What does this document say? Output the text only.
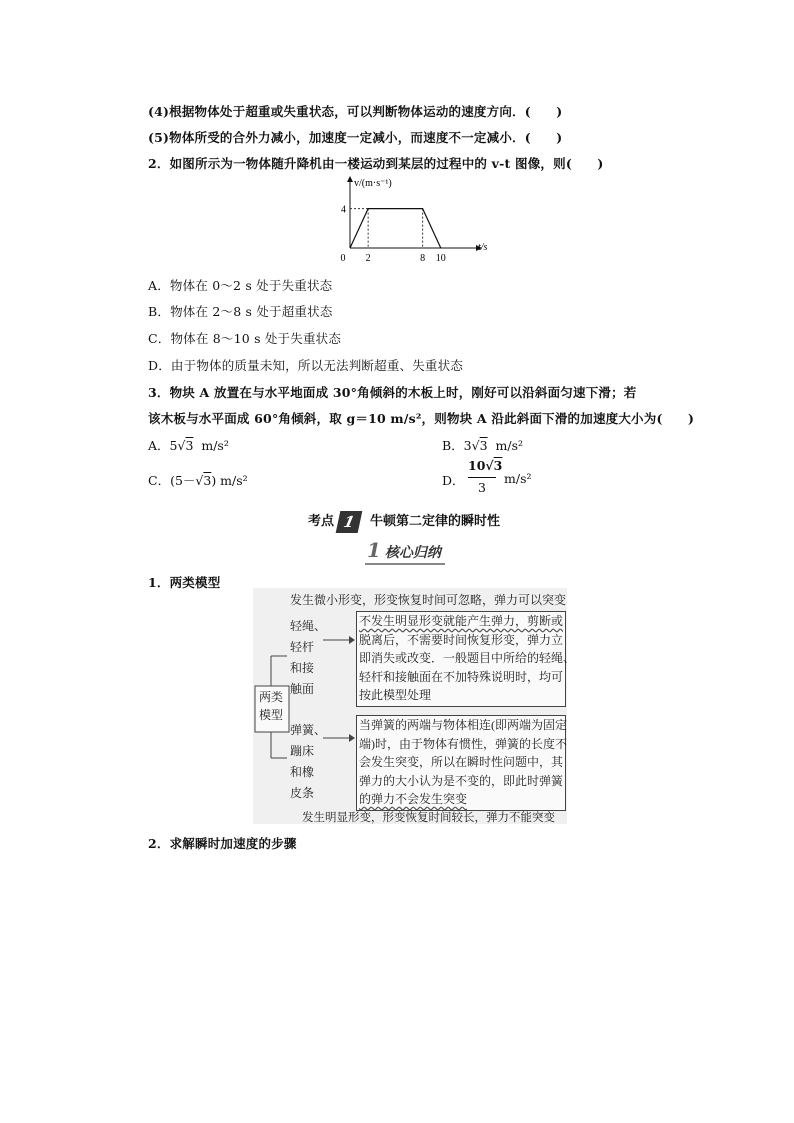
(4)根据物体处于超重或失重状态，可以判断物体运动的速度方向．(　　)
(5)物体所受的合外力减小，加速度一定减小，而速度不一定减小．(　　)
2．如图所示为一物体随升降机由一楼运动到某层的过程中的 v-t 图像，则(　　)
0 2	8 10
4
v/(m·s⁻¹)
t/s
A．物体在 0～2 s 处于失重状态
B．物体在 2～8 s 处于超重状态
C．物体在 8～10 s 处于失重状态
D．由于物体的质量未知，所以无法判断超重、失重状态
3．物块 A 放置在与水平地面成 30°角倾斜的木板上时，刚好可以沿斜面匀速下滑；若
该木板与水平面成 60°角倾斜，取 g＝10 m/s²，则物块 A 沿此斜面下滑的加速度大小为(　　)
A．5√3 m/s²	B．3√3 m/s²
C．(5－√3) m/s²	D．
10√3
3
m/s²
考点 1 牛顿第二定律的瞬时性
1 核心归纳
1．两类模型
两类
模型
发生微小形变，形变恢复时间可忽略，弹力可以突变
轻绳、
轻杆
和接
触面
不发生明显形变就能产生弹力，剪断或
脱离后，不需要时间恢复形变，弹力立
即消失或改变．一般题目中所给的轻绳、
轻杆和接触面在不加特殊说明时，均可
按此模型处理
弹簧、
蹦床
和橡
皮条
当弹簧的两端与物体相连(即两端为固定
端)时，由于物体有惯性，弹簧的长度不
会发生突变，所以在瞬时性问题中，其
弹力的大小认为是不变的，即此时弹簧
的弹力不会发生突变
发生明显形变，形变恢复时间较长，弹力不能突变
2．求解瞬时加速度的步骤
